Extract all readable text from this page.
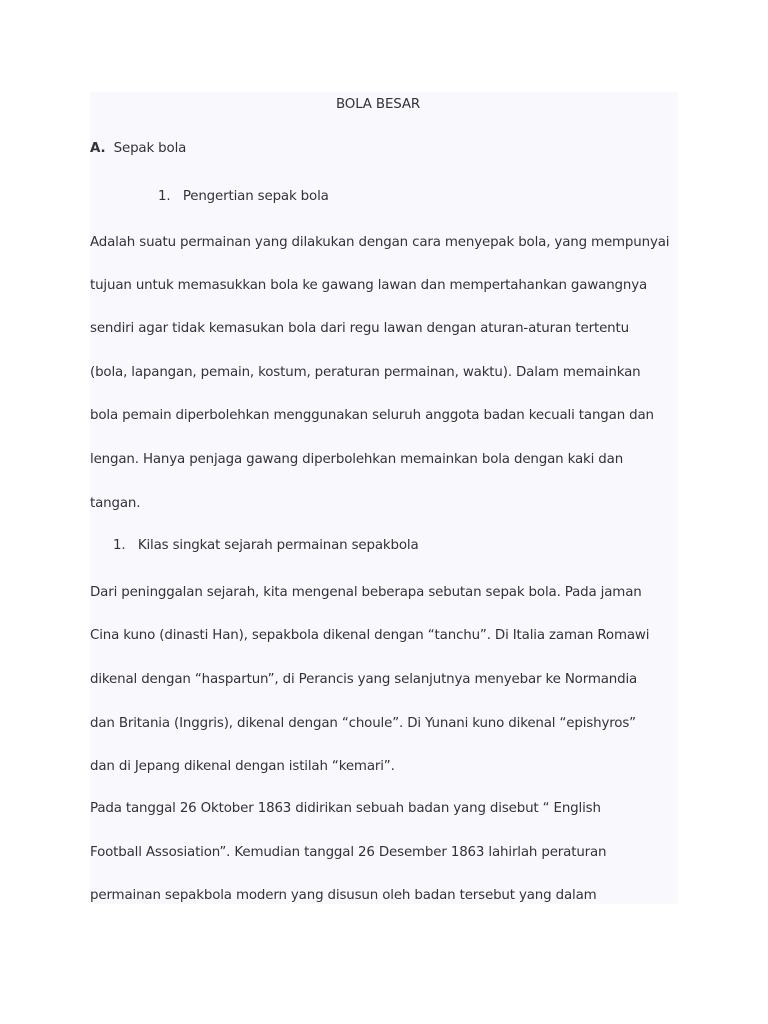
BOLA BESAR
A. Sepak bola
1. Pengertian sepak bola
Adalah suatu permainan yang dilakukan dengan cara menyepak bola, yang mempunyai
tujuan untuk memasukkan bola ke gawang lawan dan mempertahankan gawangnya
sendiri agar tidak kemasukan bola dari regu lawan dengan aturan-aturan tertentu
(bola, lapangan, pemain, kostum, peraturan permainan, waktu). Dalam memainkan
bola pemain diperbolehkan menggunakan seluruh anggota badan kecuali tangan dan
lengan. Hanya penjaga gawang diperbolehkan memainkan bola dengan kaki dan
tangan.
1. Kilas singkat sejarah permainan sepakbola
Dari peninggalan sejarah, kita mengenal beberapa sebutan sepak bola. Pada jaman
Cina kuno (dinasti Han), sepakbola dikenal dengan “tanchu”. Di Italia zaman Romawi
dikenal dengan “haspartun”, di Perancis yang selanjutnya menyebar ke Normandia
dan Britania (Inggris), dikenal dengan “choule”. Di Yunani kuno dikenal “epishyros”
dan di Jepang dikenal dengan istilah “kemari”.
Pada tanggal 26 Oktober 1863 didirikan sebuah badan yang disebut “ English
Football Assosiation”. Kemudian tanggal 26 Desember 1863 lahirlah peraturan
permainan sepakbola modern yang disusun oleh badan tersebut yang dalam
